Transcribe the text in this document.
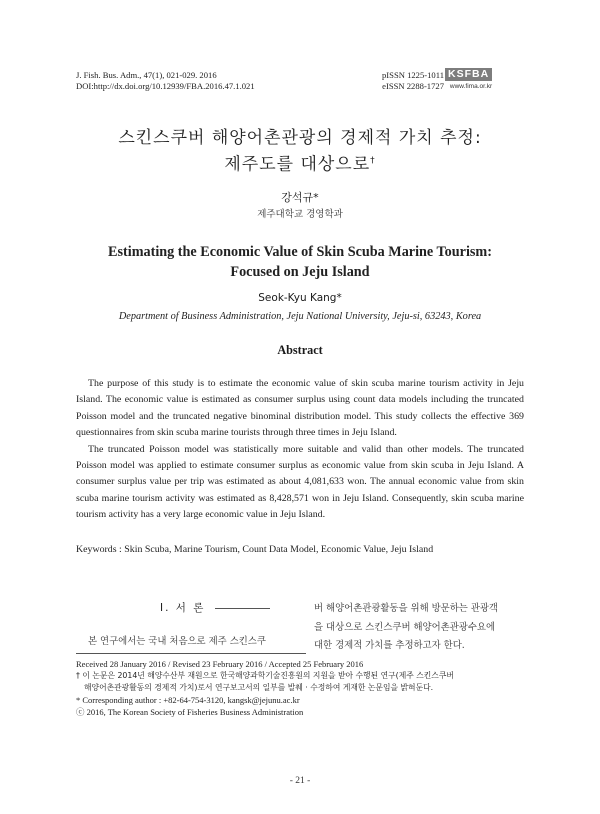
J. Fish. Bus. Adm., 47(1), 021-029. 2016
DOI:http://dx.doi.org/10.12939/FBA.2016.47.1.021
pISSN 1225-1011
eISSN 2288-1727
KSFBA
www.fima.or.kr
스킨스쿠버 해양어촌관광의 경제적 가치 추정:
제주도를 대상으로†
강석규*
제주대학교 경영학과
Estimating the Economic Value of Skin Scuba Marine Tourism:
Focused on Jeju Island
Seok-Kyu Kang*
Department of Business Administration, Jeju National University, Jeju-si, 63243, Korea
Abstract

The purpose of this study is to estimate the economic value of skin scuba marine tourism activity in Jeju Island. The economic value is estimated as consumer surplus using count data models including the truncated Poisson model and the truncated negative binominal distribution model. This study collects the effective 369 questionnaires from skin scuba marine tourists through three times in Jeju Island.

The truncated Poisson model was statistically more suitable and valid than other models. The truncated Poisson model was applied to estimate consumer surplus as economic value from skin scuba in Jeju Island. A consumer surplus value per trip was estimated as about 4,081,633 won. The annual economic value from skin scuba marine tourism activity was estimated as 8,428,571 won in Jeju Island. Consequently, skin scuba marine tourism activity has a very large economic value in Jeju Island.

Keywords : Skin Scuba, Marine Tourism, Count Data Model, Economic Value, Jeju Island
Ⅰ. 서 론
본 연구에서는 국내 처음으로 제주 스킨스쿠
버 해양어촌관광활동을 위해 방문하는 관광객
을 대상으로 스킨스쿠버 해양어촌관광수요에
대한 경제적 가치를 추정하고자 한다.
Received 28 January 2016 / Revised 23 February 2016 / Accepted 25 February 2016
† 이 논문은 2014년 해양수산부 재원으로 한국해양과학기술진흥원의 지원을 받아 수행된 연구(제주 스킨스쿠버
해양어촌관광활동의 경제적 가치)로서 연구보고서의 일부를 발췌 · 수정하여 게재한 논문임을 밝혀둔다.
* Corresponding author : +82-64-754-3120, kangsk@jejunu.ac.kr
ⓒ 2016, The Korean Society of Fisheries Business Administration
- 21 -
